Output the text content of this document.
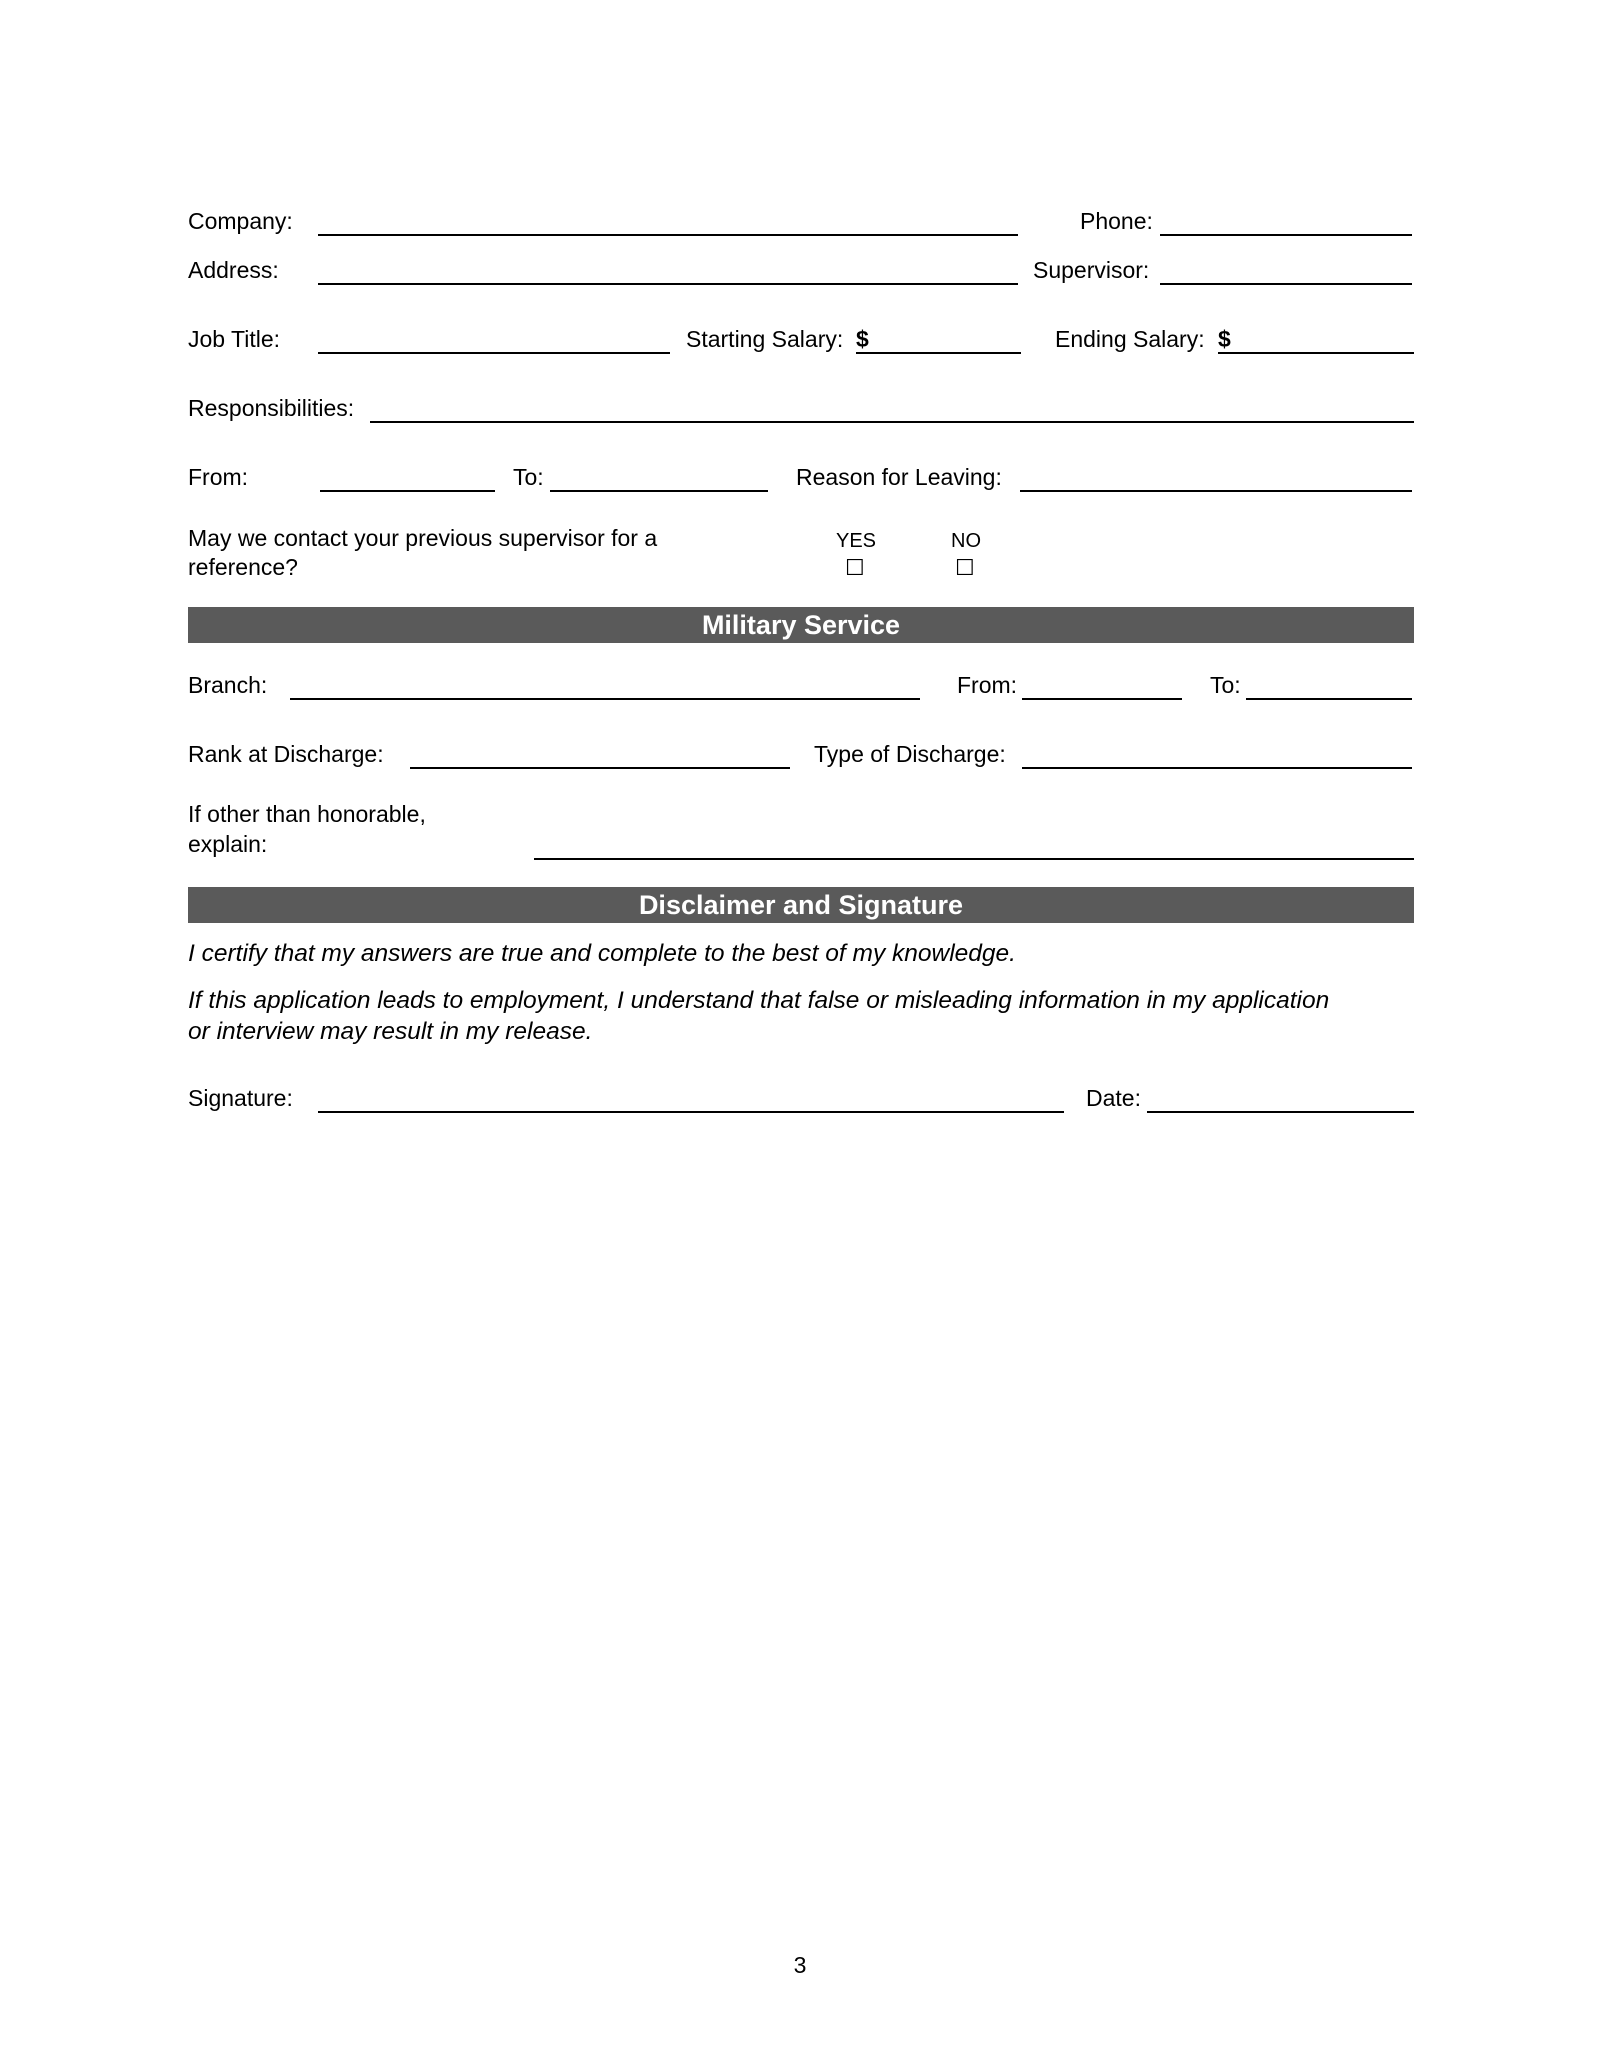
Company:	Phone:
Address:	Supervisor:
Job Title:	Starting Salary: $	Ending Salary: $
Responsibilities:
From:	To:	Reason for Leaving:
May we contact your previous supervisor for a
reference?
YES	NO
☐	☐
Military Service
Branch:	From:	To:
Rank at Discharge:	Type of Discharge:
If other than honorable,
explain:
Disclaimer and Signature
I certify that my answers are true and complete to the best of my knowledge.
If this application leads to employment, I understand that false or misleading information in my application
or interview may result in my release.
Signature:	Date:
3
